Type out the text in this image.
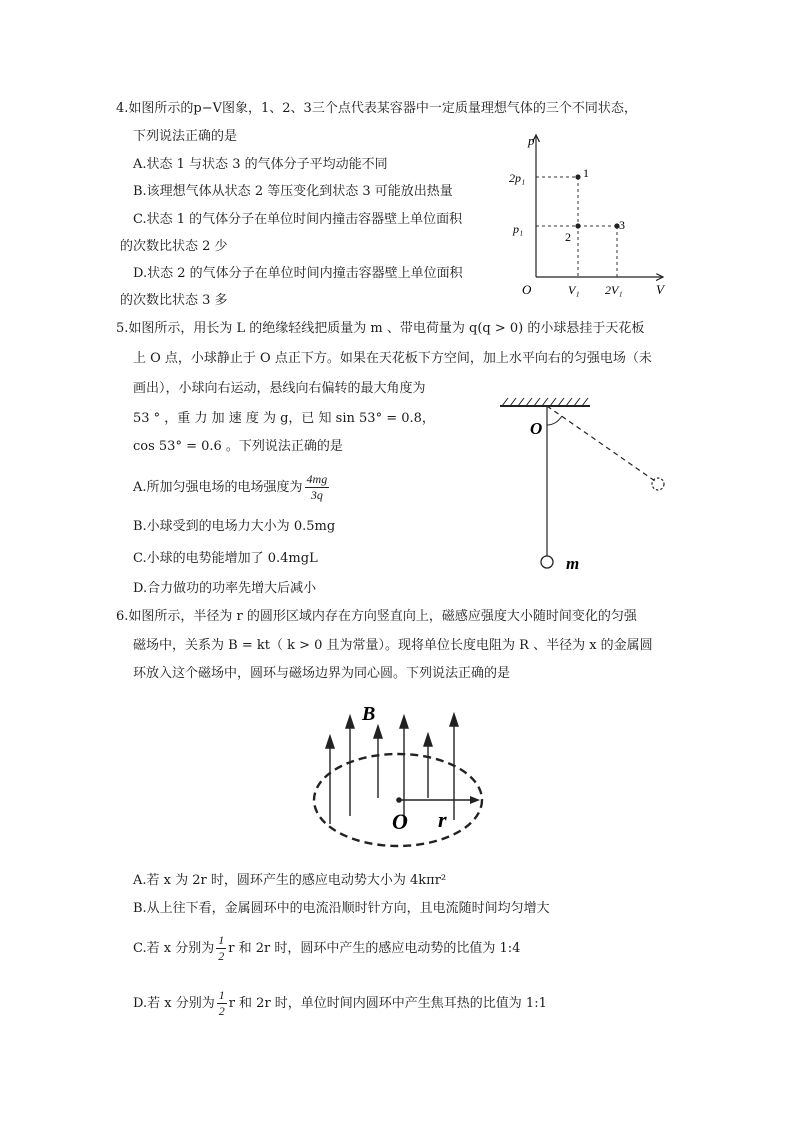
4.如图所示的p−V图象，1、2、3三个点代表某容器中一定质量理想气体的三个不同状态，
下列说法正确的是
A.状态 1 与状态 3 的气体分子平均动能不同
B.该理想气体从状态 2 等压变化到状态 3 可能放出热量
C.状态 1 的气体分子在单位时间内撞击容器壁上单位面积
的次数比状态 2 少
D.状态 2 的气体分子在单位时间内撞击容器壁上单位面积
的次数比状态 3 多
p
V
O
2p₁
p₁
V₁ 2V₁
1
2
3
5.如图所示，用长为 L 的绝缘轻线把质量为 m 、带电荷量为 q(q > 0) 的小球悬挂于天花板
上 O 点，小球静止于 O 点正下方。如果在天花板下方空间，加上水平向右的匀强电场（未
画出），小球向右运动，悬线向右偏转的最大角度为
53 ° ，重 力 加 速 度 为 g，已 知 sin 53° = 0.8，
cos 53° = 0.6 。下列说法正确的是
A.所加匀强电场的电场强度为 $\frac{4mg}{3q}$
B.小球受到的电场力大小为 0.5mg
C.小球的电势能增加了 0.4mgL
D.合力做功的功率先增大后减小
O
m
6.如图所示，半径为 r 的圆形区域内存在方向竖直向上，磁感应强度大小随时间变化的匀强
磁场中，关系为 B = kt（ k > 0 且为常量）。现将单位长度电阻为 R 、半径为 x 的金属圆
环放入这个磁场中，圆环与磁场边界为同心圆。下列说法正确的是
B
O r
A.若 x 为 2r 时，圆环产生的感应电动势大小为 4kπr²
B.从上往下看，金属圆环中的电流沿顺时针方向，且电流随时间均匀增大
C.若 x 分别为 $\frac{1}{2}$ r 和 2r 时，圆环中产生的感应电动势的比值为 1:4
D.若 x 分别为 $\frac{1}{2}$ r 和 2r 时，单位时间内圆环中产生焦耳热的比值为 1:1
